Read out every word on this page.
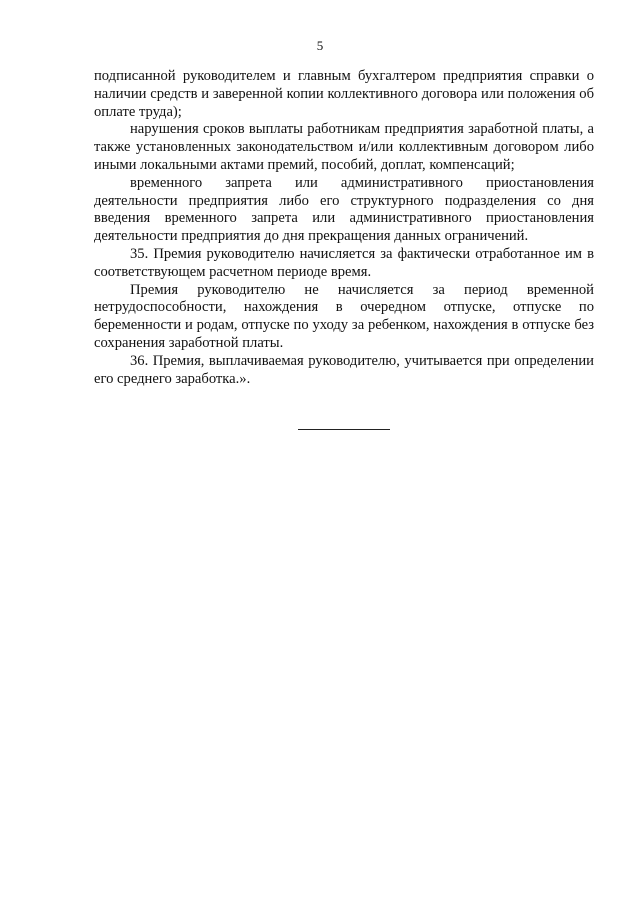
5

подписанной руководителем и главным бухгалтером предприятия справки о наличии средств и заверенной копии коллективного договора или положения об оплате труда);

нарушения сроков выплаты работникам предприятия заработной платы, а также установленных законодательством и/или коллективным договором либо иными локальными актами премий, пособий, доплат, компенсаций;

временного запрета или административного приостановления деятельности предприятия либо его структурного подразделения со дня введения временного запрета или административного приостановления деятельности предприятия до дня прекращения данных ограничений.

35. Премия руководителю начисляется за фактически отработанное им в соответствующем расчетном периоде время.

Премия руководителю не начисляется за период временной нетрудоспособности, нахождения в очередном отпуске, отпуске по беременности и родам, отпуске по уходу за ребенком, нахождения в отпуске без сохранения заработной платы.

36. Премия, выплачиваемая руководителю, учитывается при определении его среднего заработка.».
